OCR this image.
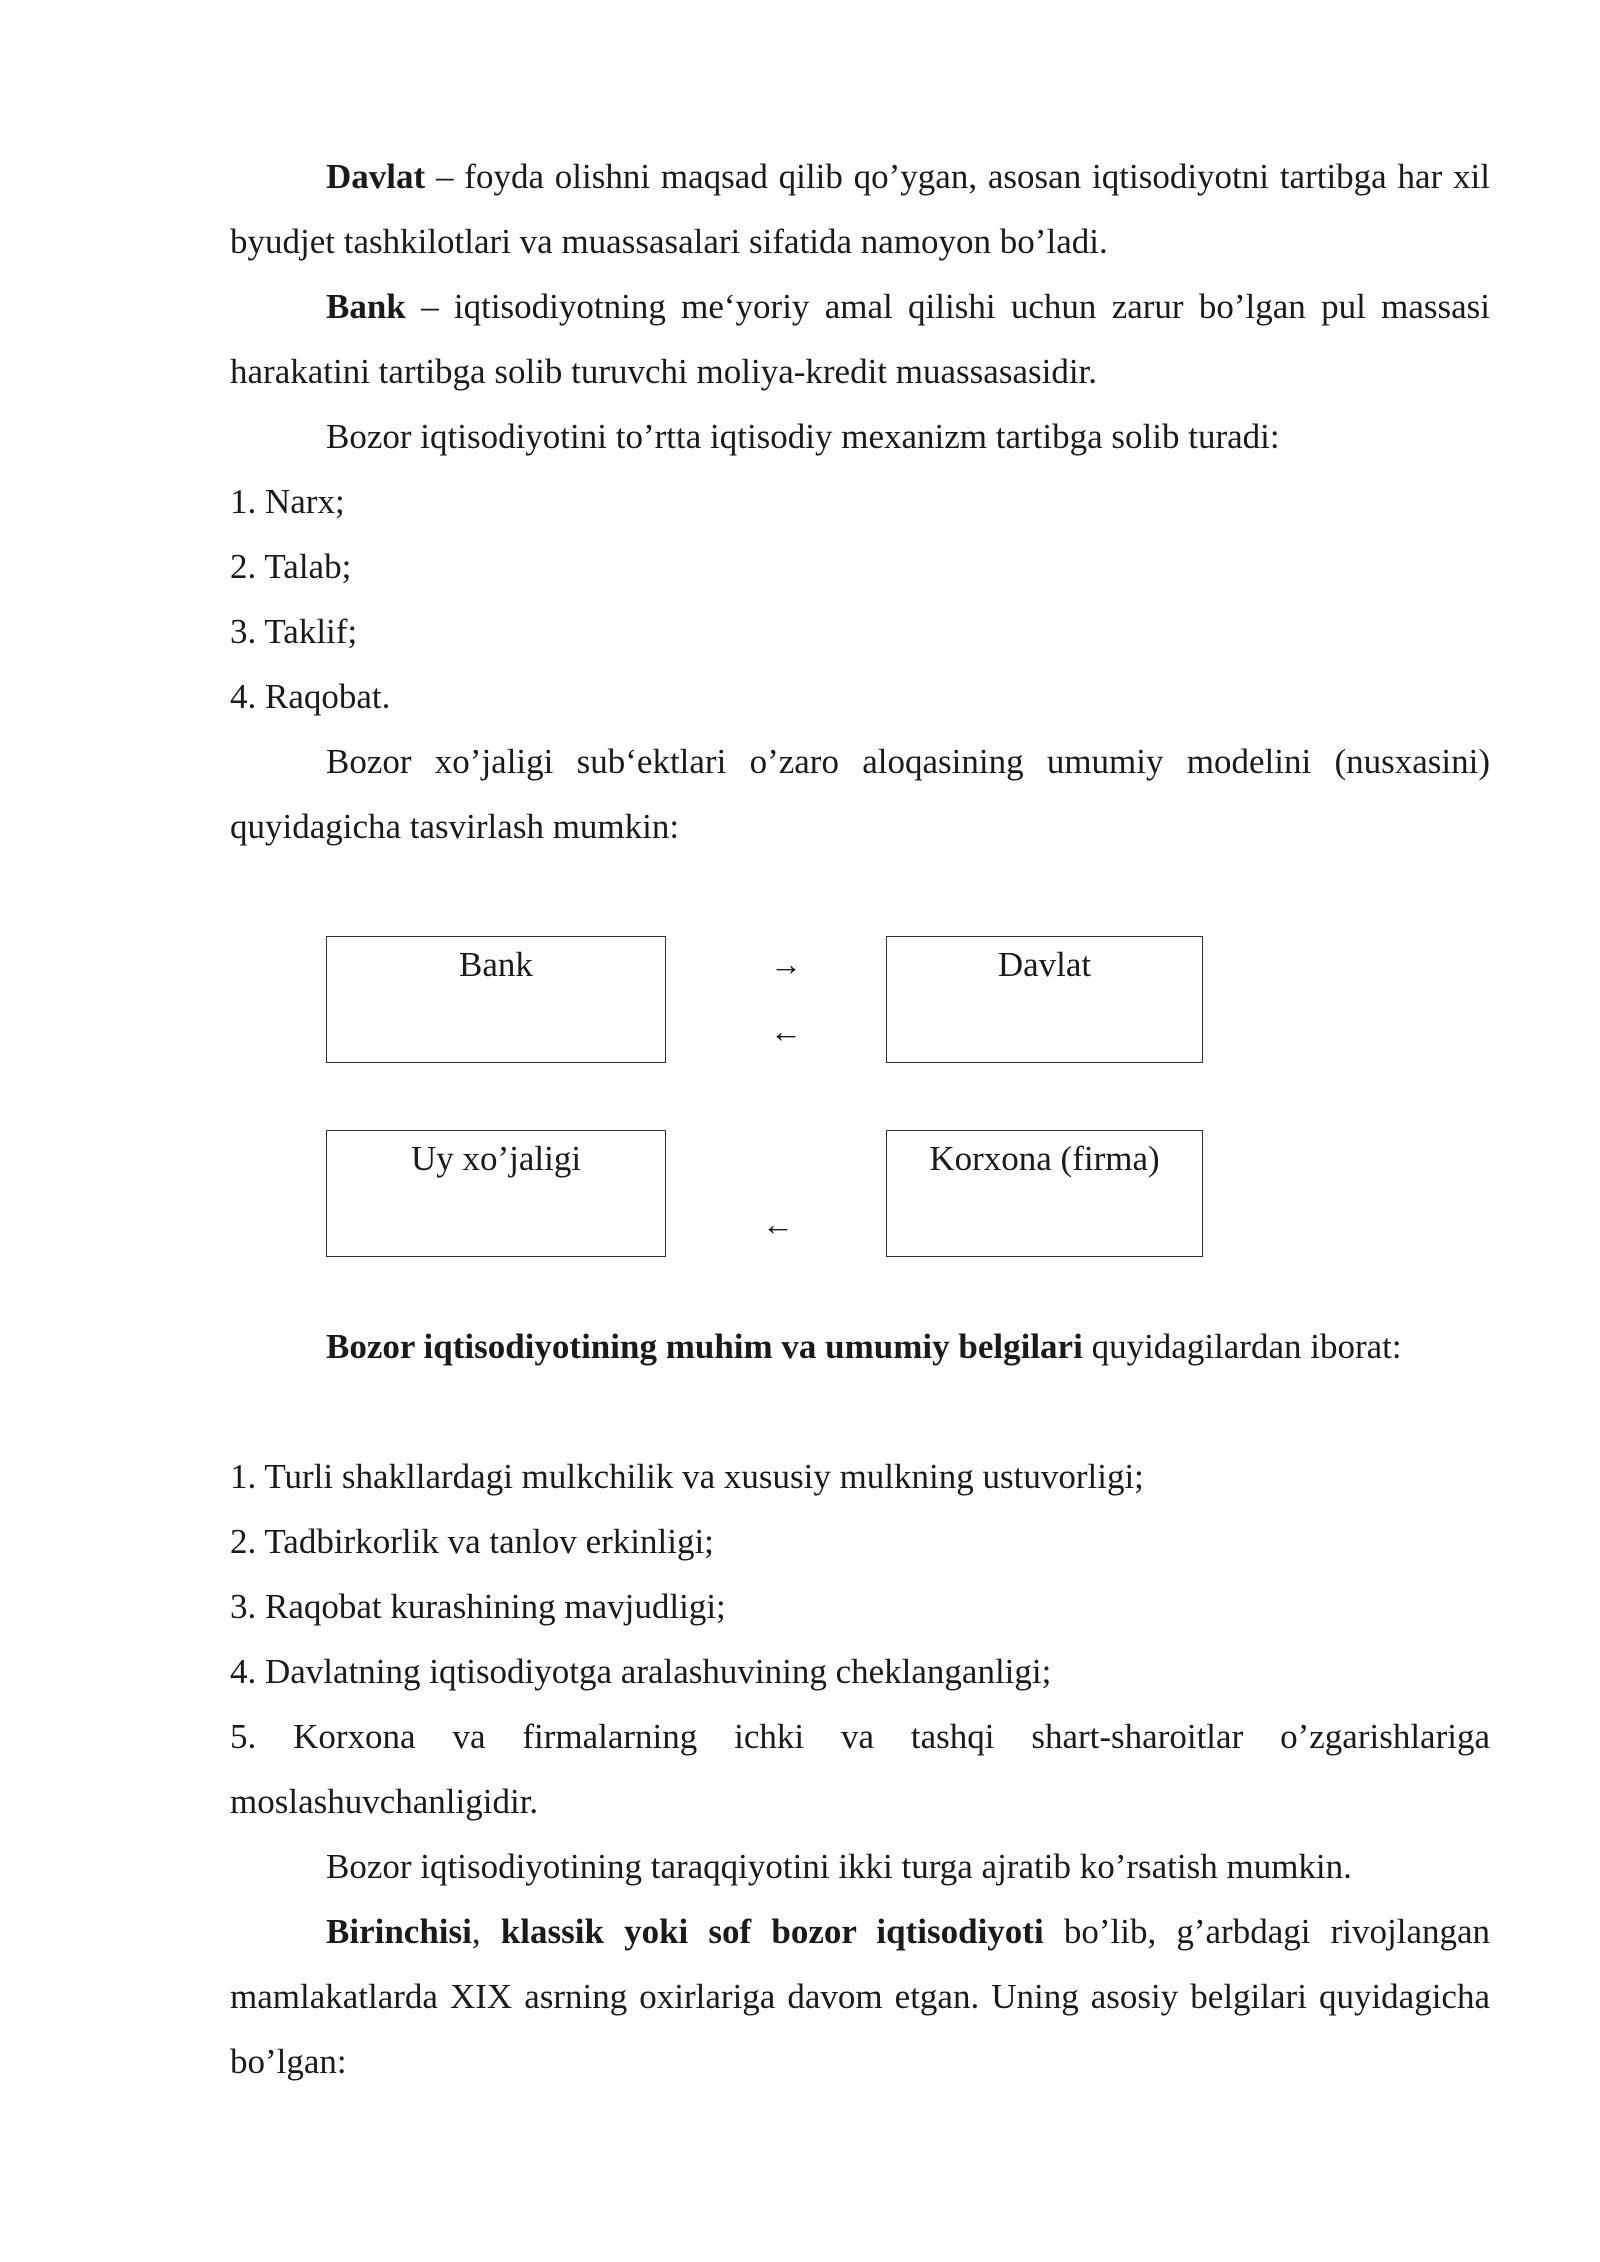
Davlat – foyda olishni maqsad qilib qo’ygan, asosan iqtisodiyotni tartibga har xil byudjet tashkilotlari va muassasalari sifatida namoyon bo’ladi.
Bank – iqtisodiyotning me‘yoriy amal qilishi uchun zarur bo’lgan pul massasi harakatini tartibga solib turuvchi moliya-kredit muassasasidir.
Bozor iqtisodiyotini to’rtta iqtisodiy mexanizm tartibga solib turadi:
1. Narx;
2. Talab;
3. Taklif;
4. Raqobat.
Bozor xo’jaligi sub‘ektlari o’zaro aloqasining umumiy modelini (nusxasini) quyidagicha tasvirlash mumkin:
Bank	Davlat
Uy xo’jaligi	Korxona (firma)
→
←
←
Bozor iqtisodiyotining muhim va umumiy belgilari quyidagilardan iborat:
1. Turli shakllardagi mulkchilik va xususiy mulkning ustuvorligi;
2. Tadbirkorlik va tanlov erkinligi;
3. Raqobat kurashining mavjudligi;
4. Davlatning iqtisodiyotga aralashuvining cheklanganligi;
5. Korxona va firmalarning ichki va tashqi shart-sharoitlar o’zgarishlariga moslashuvchanligidir.
Bozor iqtisodiyotining taraqqiyotini ikki turga ajratib ko’rsatish mumkin.
Birinchisi, klassik yoki sof bozor iqtisodiyoti bo’lib, g’arbdagi rivojlangan mamlakatlarda XIX asrning oxirlariga davom etgan. Uning asosiy belgilari quyidagicha bo’lgan:
